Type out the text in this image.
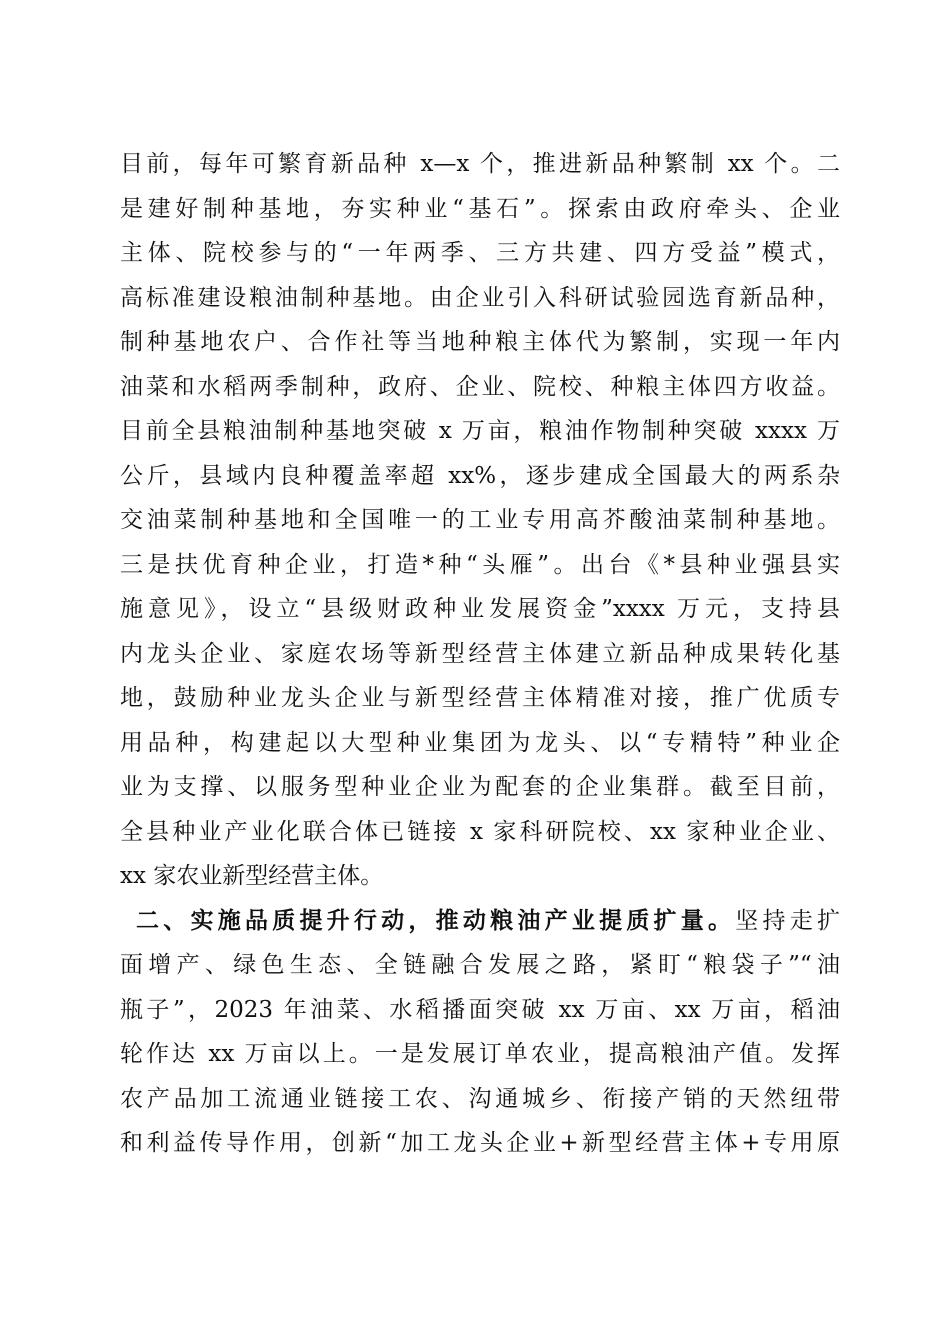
目前，每年可繁育新品种 x—x 个，推进新品种繁制 xx 个。二
是建好制种基地，夯实种业“基石”。探索由政府牵头、企业
主体、院校参与的“一年两季、三方共建、四方受益”模式，
高标准建设粮油制种基地。由企业引入科研试验园选育新品种，
制种基地农户、合作社等当地种粮主体代为繁制，实现一年内
油菜和水稻两季制种，政府、企业、院校、种粮主体四方收益。
目前全县粮油制种基地突破 x 万亩，粮油作物制种突破 xxxx 万
公斤，县域内良种覆盖率超 xx%，逐步建成全国最大的两系杂
交油菜制种基地和全国唯一的工业专用高芥酸油菜制种基地。
三是扶优育种企业，打造*种“头雁”。出台《*县种业强县实
施意见》，设立“县级财政种业发展资金”xxxx 万元，支持县
内龙头企业、家庭农场等新型经营主体建立新品种成果转化基
地，鼓励种业龙头企业与新型经营主体精准对接，推广优质专
用品种，构建起以大型种业集团为龙头、以“专精特”种业企
业为支撑、以服务型种业企业为配套的企业集群。截至目前，
全县种业产业化联合体已链接 x 家科研院校、xx 家种业企业、
xx 家农业新型经营主体。
二、实施品质提升行动，推动粮油产业提质扩量。坚持走扩
面增产、绿色生态、全链融合发展之路，紧盯“粮袋子”“油
瓶子”，2023 年油菜、水稻播面突破 xx 万亩、xx 万亩，稻油
轮作达 xx 万亩以上。一是发展订单农业，提高粮油产值。发挥
农产品加工流通业链接工农、沟通城乡、衔接产销的天然纽带
和利益传导作用，创新“加工龙头企业+新型经营主体+专用原
